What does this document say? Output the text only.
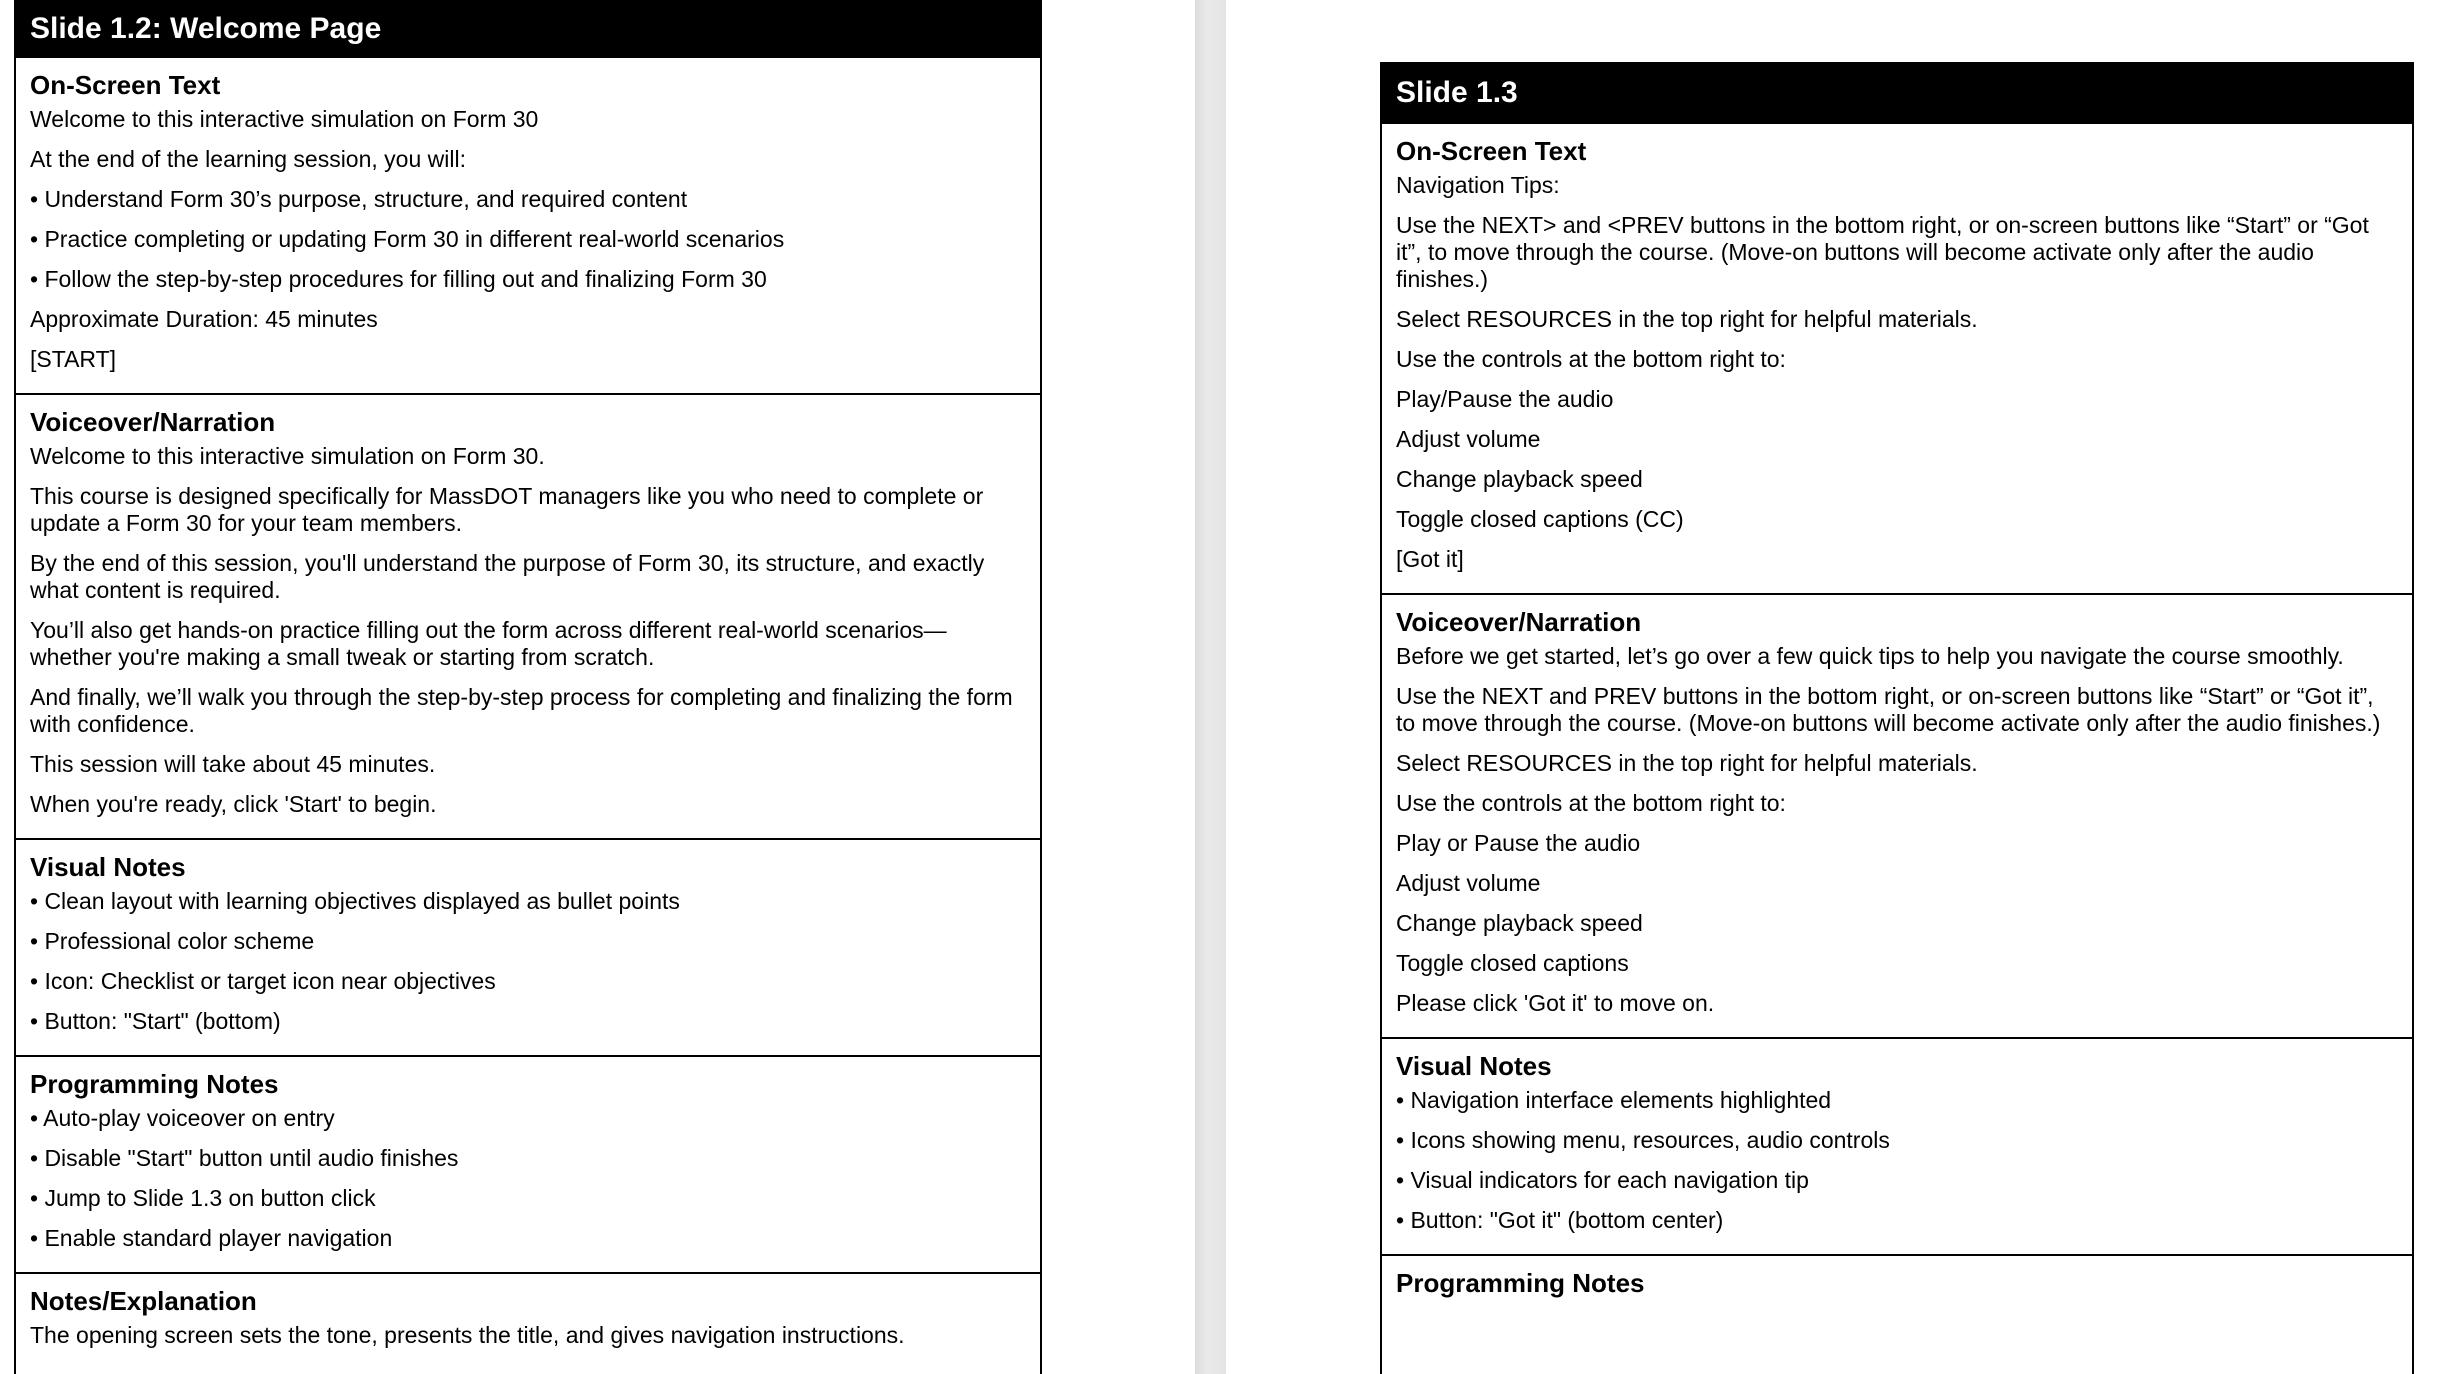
Slide 1.2: Welcome Page
On-Screen Text
Welcome to this interactive simulation on Form 30
At the end of the learning session, you will:
• Understand Form 30’s purpose, structure, and required content
• Practice completing or updating Form 30 in different real-world scenarios
• Follow the step-by-step procedures for filling out and finalizing Form 30
Approximate Duration: 45 minutes
[START]
Voiceover/Narration
Welcome to this interactive simulation on Form 30.
This course is designed specifically for MassDOT managers like you who need to complete or update a Form 30 for your team members.
By the end of this session, you'll understand the purpose of Form 30, its structure, and exactly what content is required.
You’ll also get hands-on practice filling out the form across different real-world scenarios—whether you're making a small tweak or starting from scratch.
And finally, we’ll walk you through the step-by-step process for completing and finalizing the form with confidence.
This session will take about 45 minutes.
When you're ready, click 'Start' to begin.
Visual Notes
• Clean layout with learning objectives displayed as bullet points
• Professional color scheme
• Icon: Checklist or target icon near objectives
• Button: "Start" (bottom)
Programming Notes
• Auto-play voiceover on entry
• Disable "Start" button until audio finishes
• Jump to Slide 1.3 on button click
• Enable standard player navigation
Notes/Explanation
The opening screen sets the tone, presents the title, and gives navigation instructions.
Slide 1.3
On-Screen Text
Navigation Tips:
Use the NEXT> and <PREV buttons in the bottom right, or on-screen buttons like “Start” or “Got it”, to move through the course. (Move-on buttons will become activate only after the audio finishes.)
Select RESOURCES in the top right for helpful materials.
Use the controls at the bottom right to:
Play/Pause the audio
Adjust volume
Change playback speed
Toggle closed captions (CC)
[Got it]
Voiceover/Narration
Before we get started, let’s go over a few quick tips to help you navigate the course smoothly.
Use the NEXT and PREV buttons in the bottom right, or on-screen buttons like “Start” or “Got it”, to move through the course. (Move-on buttons will become activate only after the audio finishes.)
Select RESOURCES in the top right for helpful materials.
Use the controls at the bottom right to:
Play or Pause the audio
Adjust volume
Change playback speed
Toggle closed captions
Please click 'Got it' to move on.
Visual Notes
• Navigation interface elements highlighted
• Icons showing menu, resources, audio controls
• Visual indicators for each navigation tip
• Button: "Got it" (bottom center)
Programming Notes
